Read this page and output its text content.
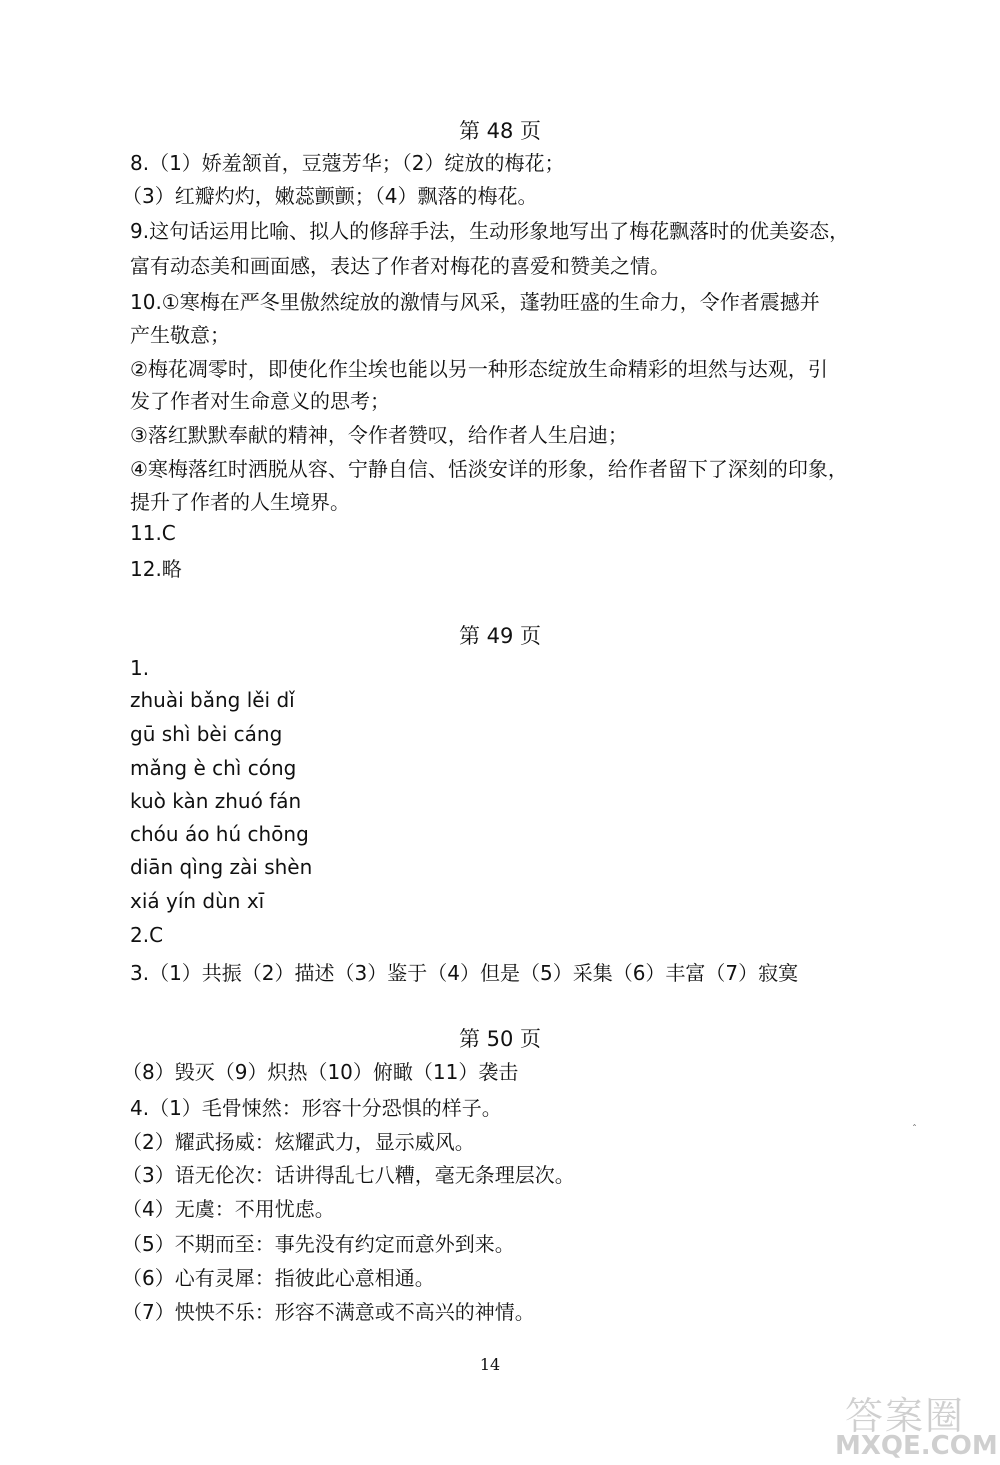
第 48 页
8.（1）娇羞颔首，豆蔻芳华；（2）绽放的梅花；
（3）红瓣灼灼，嫩蕊颤颤；（4）飘落的梅花。
9.这句话运用比喻、拟人的修辞手法，生动形象地写出了梅花飘落时的优美姿态，
富有动态美和画面感，表达了作者对梅花的喜爱和赞美之情。
10.①寒梅在严冬里傲然绽放的激情与风采，蓬勃旺盛的生命力，令作者震撼并
产生敬意；
②梅花凋零时，即使化作尘埃也能以另一种形态绽放生命精彩的坦然与达观，引
发了作者对生命意义的思考；
③落红默默奉献的精神，令作者赞叹，给作者人生启迪；
④寒梅落红时洒脱从容、宁静自信、恬淡安详的形象，给作者留下了深刻的印象，
提升了作者的人生境界。
11.C
12.略
第 49 页
1.
zhuài bǎng lěi dǐ
gū shì bèi cáng
mǎng è chì cóng
kuò kàn zhuó fán
chóu áo hú chōng
diān qìng zài shèn
xiá yín dùn xī
2.C
3.（1）共振（2）描述（3）鉴于（4）但是（5）采集（6）丰富（7）寂寞
第 50 页
（8）毁灭（9）炽热（10）俯瞰（11）袭击
4.（1）毛骨悚然：形容十分恐惧的样子。
（2）耀武扬威：炫耀武力，显示威风。
（3）语无伦次：话讲得乱七八糟，毫无条理层次。
（4）无虞：不用忧虑。
（5）不期而至：事先没有约定而意外到来。
（6）心有灵犀：指彼此心意相通。
（7）怏怏不乐：形容不满意或不高兴的神情。
ˆ
14
答案圈
MXQE.COM
